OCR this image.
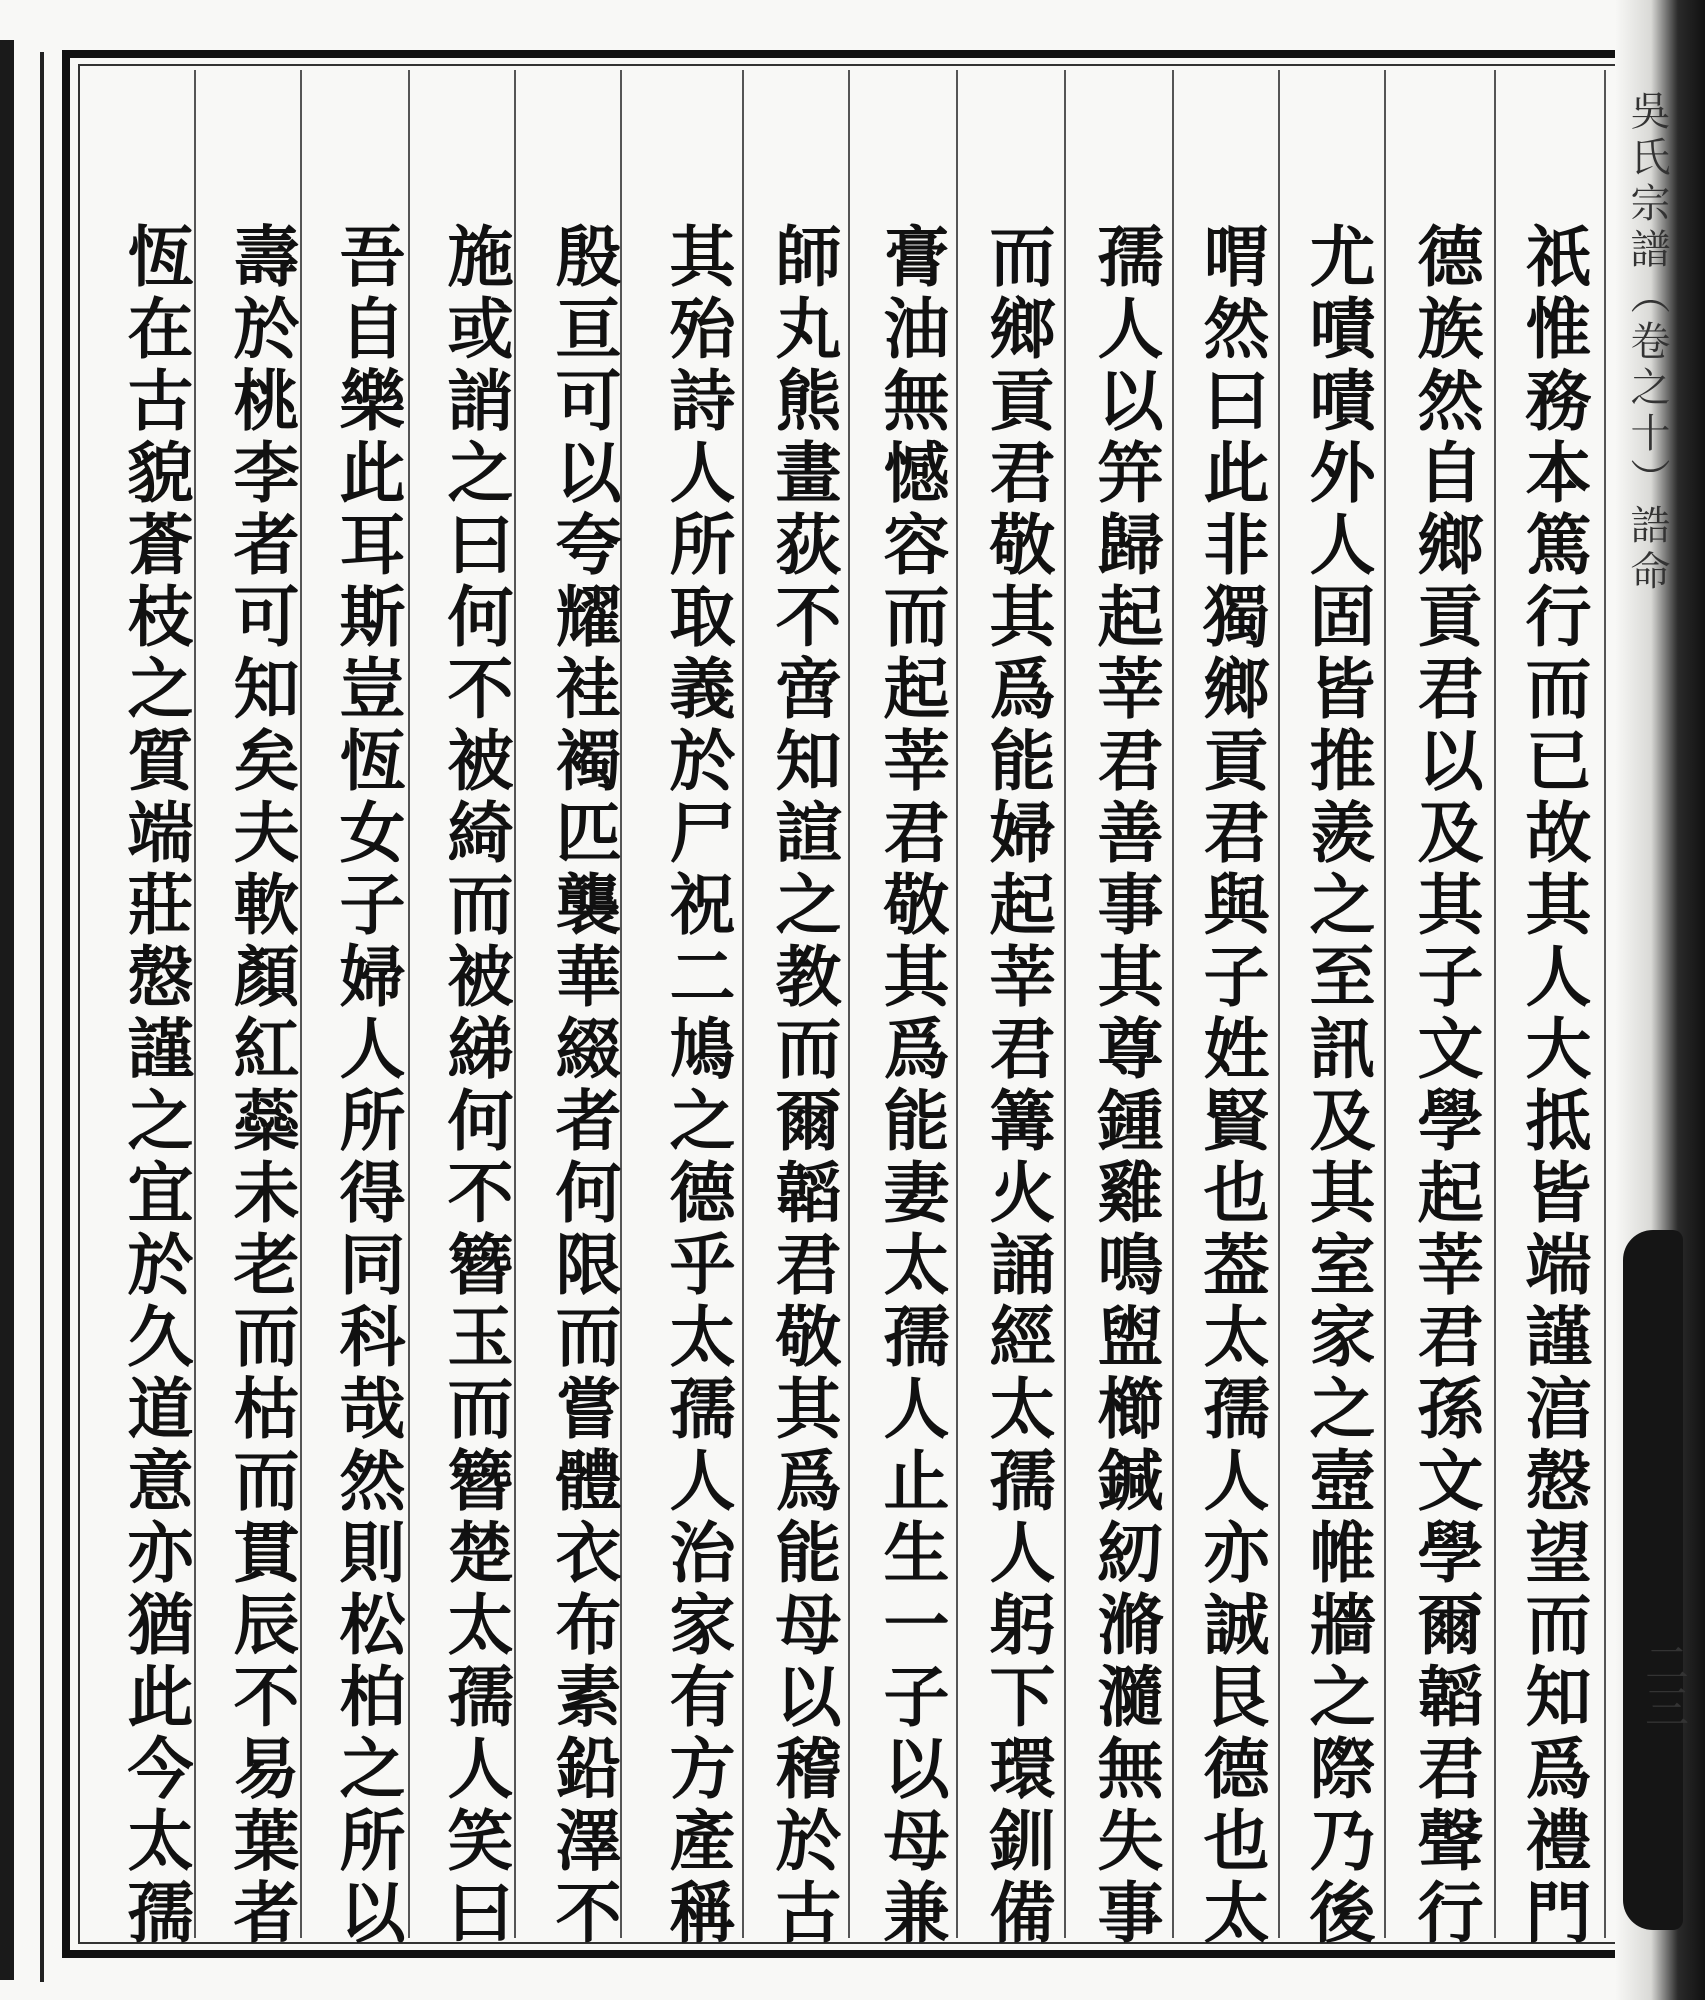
祇惟務本篤行而已故其人大抵皆端謹湻慤望而知爲禮門
德族然自鄉貢君以及其子文學起莘君孫文學爾韜君聲行
尤嘖嘖外人固皆推羨之至訊及其室家之壼帷牆之際乃後
喟然曰此非獨鄉貢君與子姓賢也葢太孺人亦誠艮德也太
孺人以笄歸起莘君善事其尊鍾雞鳴盥櫛鍼紉滫瀡無失事
而鄉貢君敬其爲能婦起莘君篝火誦經太孺人躬下環釧備
膏油無憾容而起莘君敬其爲能妻太孺人止生一子以母兼
師丸熊畫荻不啻知諠之教而爾韜君敬其爲能母以稽於古
其殆詩人所取義於尸祝二鳩之德乎太孺人治家有方產稱
殷亘可以夸耀袿襡匹襲華綴者何限而嘗體衣布素鉛澤不
施或誚之曰何不被綺而被綈何不簪玉而簪楚太孺人笑曰
吾自樂此耳斯豈恆女子婦人所得同科哉然則松柏之所以
壽於桃李者可知矣夫軟顏紅蘂未老而枯而貫辰不易葉者
恆在古貌蒼枝之質端莊慤謹之宜於久道意亦猶此今太孺	吳氏宗譜（卷之十）誥命
二三
